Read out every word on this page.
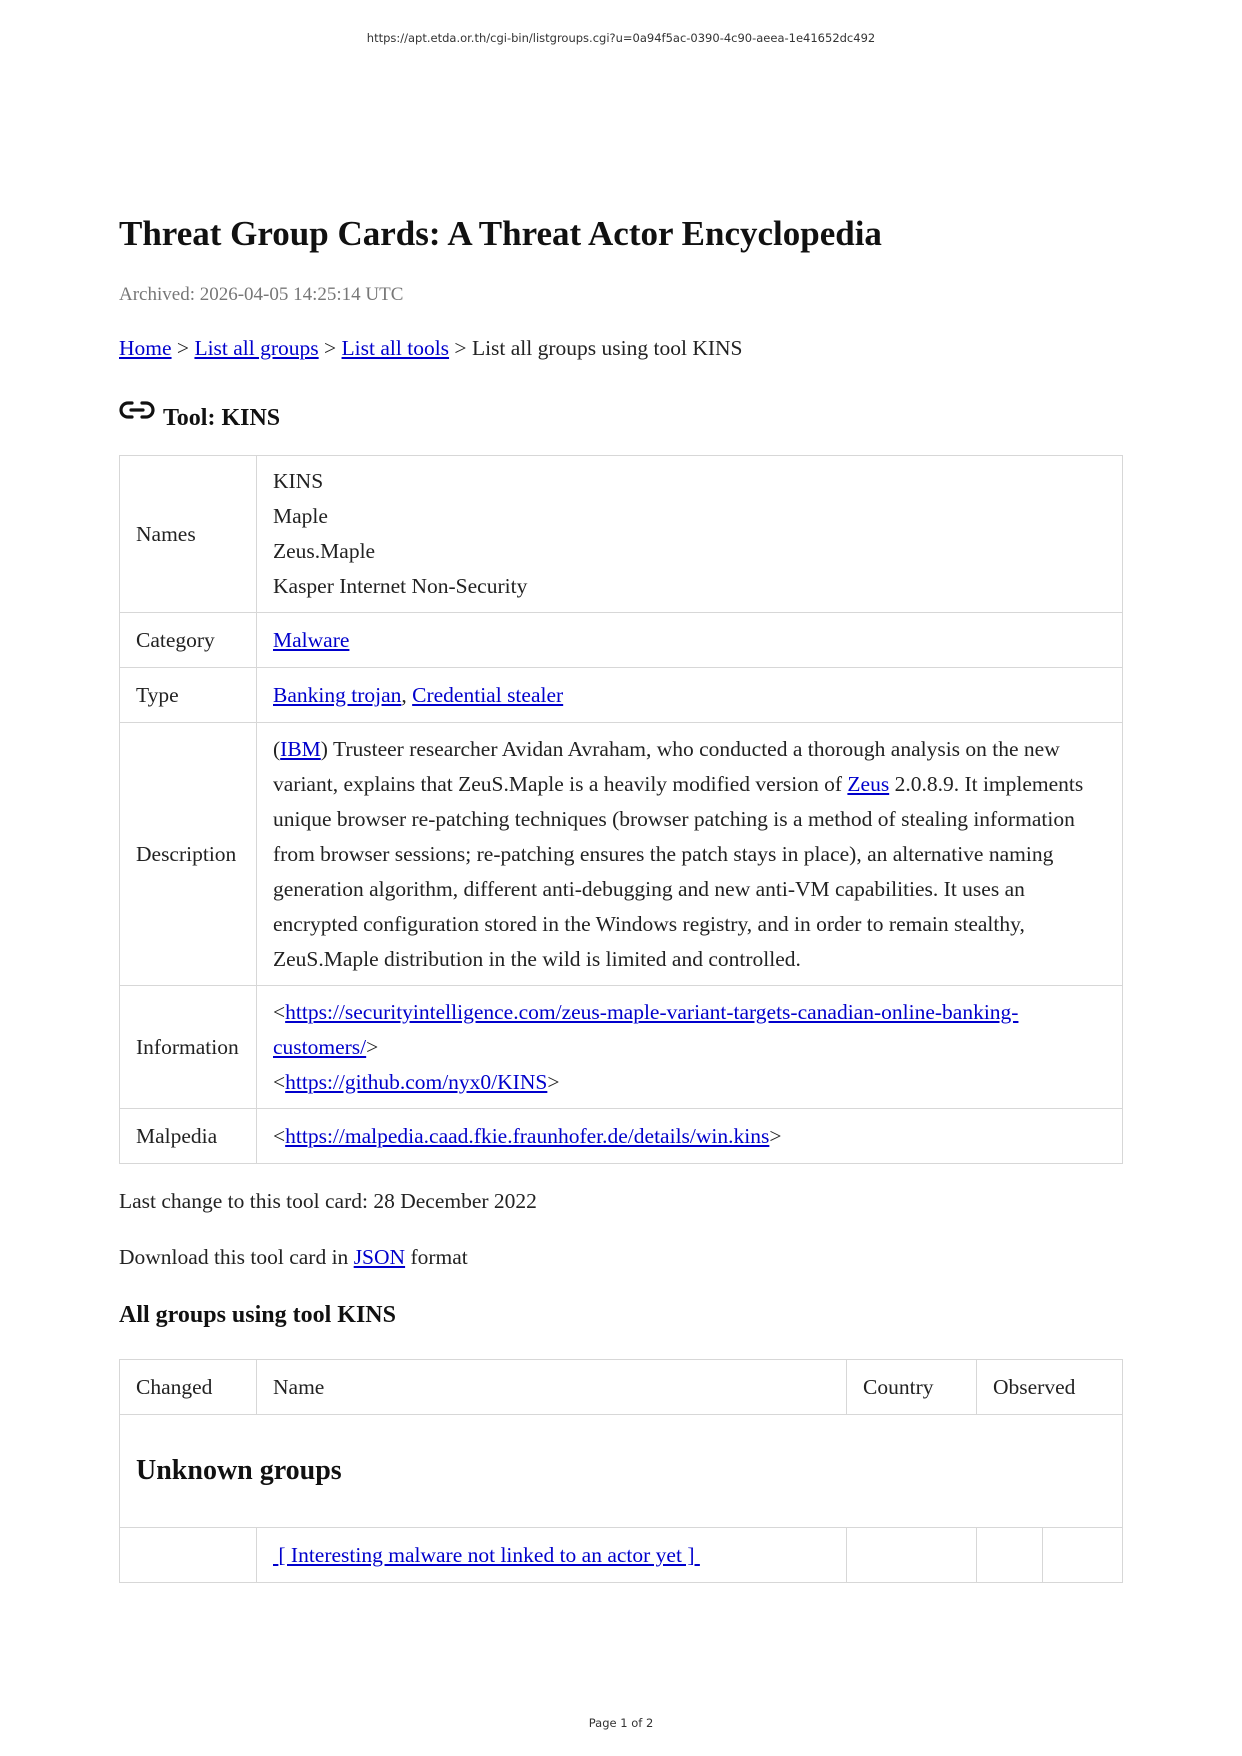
https://apt.etda.or.th/cgi-bin/listgroups.cgi?u=0a94f5ac-0390-4c90-aeea-1e41652dc492
Threat Group Cards: A Threat Actor Encyclopedia
Archived: 2026-04-05 14:25:14 UTC
Home > List all groups > List all tools > List all groups using tool KINS
Tool: KINS
Names	KINS
Maple
Zeus.Maple
Kasper Internet Non-Security

Category	Malware
Type	Banking trojan, Credential stealer
Description	(IBM) Trusteer researcher Avidan Avraham, who conducted a thorough analysis on the new variant, explains that ZeuS.Maple is a heavily modified version of Zeus 2.0.8.9. It implements unique browser re-patching techniques (browser patching is a method of stealing information from browser sessions; re-patching ensures the patch stays in place), an alternative naming generation algorithm, different anti-debugging and new anti-VM capabilities. It uses an encrypted configuration stored in the Windows registry, and in order to remain stealthy, ZeuS.Maple distribution in the wild is limited and controlled.
Information	<https://securityintelligence.com/zeus-maple-variant-targets-canadian-online-banking-customers/>
<https://github.com/nyx0/KINS>

Malpedia	<https://malpedia.caad.fkie.fraunhofer.de/details/win.kins>
Last change to this tool card: 28 December 2022
Download this tool card in JSON format
All groups using tool KINS
Changed	Name	Country	Observed	
Unknown groups				
	[ Interesting malware not linked to an actor yet ]			
Page 1 of 2
